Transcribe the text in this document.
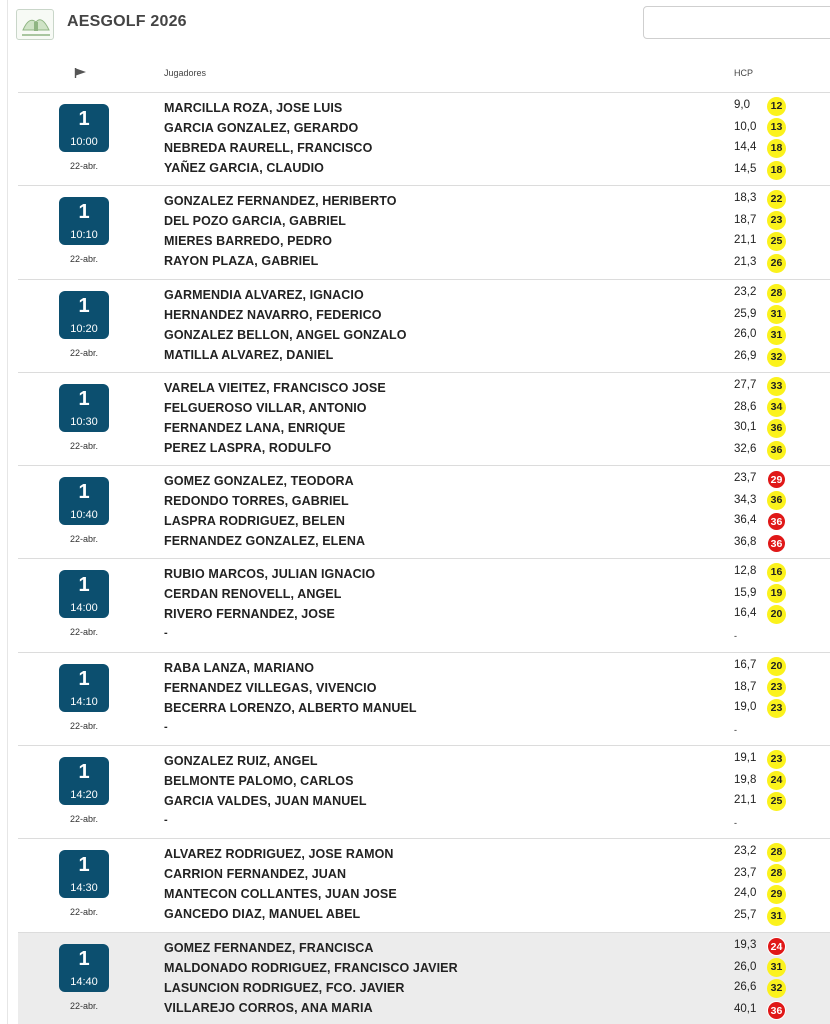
AESGOLF 2026
Jugadores	HCP
1
10:00
22-abr.
MARCILLA ROZA, JOSE LUIS	9,0	12
GARCIA GONZALEZ, GERARDO	10,0	13
NEBREDA RAURELL, FRANCISCO	14,4	18
YAÑEZ GARCIA, CLAUDIO	14,5	18
1
10:10
22-abr.
GONZALEZ FERNANDEZ, HERIBERTO	18,3	22
DEL POZO GARCIA, GABRIEL	18,7	23
MIERES BARREDO, PEDRO	21,1	25
RAYON PLAZA, GABRIEL	21,3	26
1
10:20
22-abr.
GARMENDIA ALVAREZ, IGNACIO	23,2	28
HERNANDEZ NAVARRO, FEDERICO	25,9	31
GONZALEZ BELLON, ANGEL GONZALO	26,0	31
MATILLA ALVAREZ, DANIEL	26,9	32
1
10:30
22-abr.
VARELA VIEITEZ, FRANCISCO JOSE	27,7	33
FELGUEROSO VILLAR, ANTONIO	28,6	34
FERNANDEZ LANA, ENRIQUE	30,1	36
PEREZ LASPRA, RODULFO	32,6	36
1
10:40
22-abr.
GOMEZ GONZALEZ, TEODORA	23,7	29
REDONDO TORRES, GABRIEL	34,3	36
LASPRA RODRIGUEZ, BELEN	36,4	36
FERNANDEZ GONZALEZ, ELENA	36,8	36
1
14:00
22-abr.
RUBIO MARCOS, JULIAN IGNACIO	12,8	16
CERDAN RENOVELL, ANGEL	15,9	19
RIVERO FERNANDEZ, JOSE	16,4	20
-	-
1
14:10
22-abr.
RABA LANZA, MARIANO	16,7	20
FERNANDEZ VILLEGAS, VIVENCIO	18,7	23
BECERRA LORENZO, ALBERTO MANUEL	19,0	23
-	-
1
14:20
22-abr.
GONZALEZ RUIZ, ANGEL	19,1	23
BELMONTE PALOMO, CARLOS	19,8	24
GARCIA VALDES, JUAN MANUEL	21,1	25
-	-
1
14:30
22-abr.
ALVAREZ RODRIGUEZ, JOSE RAMON	23,2	28
CARRION FERNANDEZ, JUAN	23,7	28
MANTECON COLLANTES, JUAN JOSE	24,0	29
GANCEDO DIAZ, MANUEL ABEL	25,7	31
1
14:40
22-abr.
GOMEZ FERNANDEZ, FRANCISCA	19,3	24
MALDONADO RODRIGUEZ, FRANCISCO JAVIER	26,0	31
LASUNCION RODRIGUEZ, FCO. JAVIER	26,6	32
VILLAREJO CORROS, ANA MARIA	40,1	36
